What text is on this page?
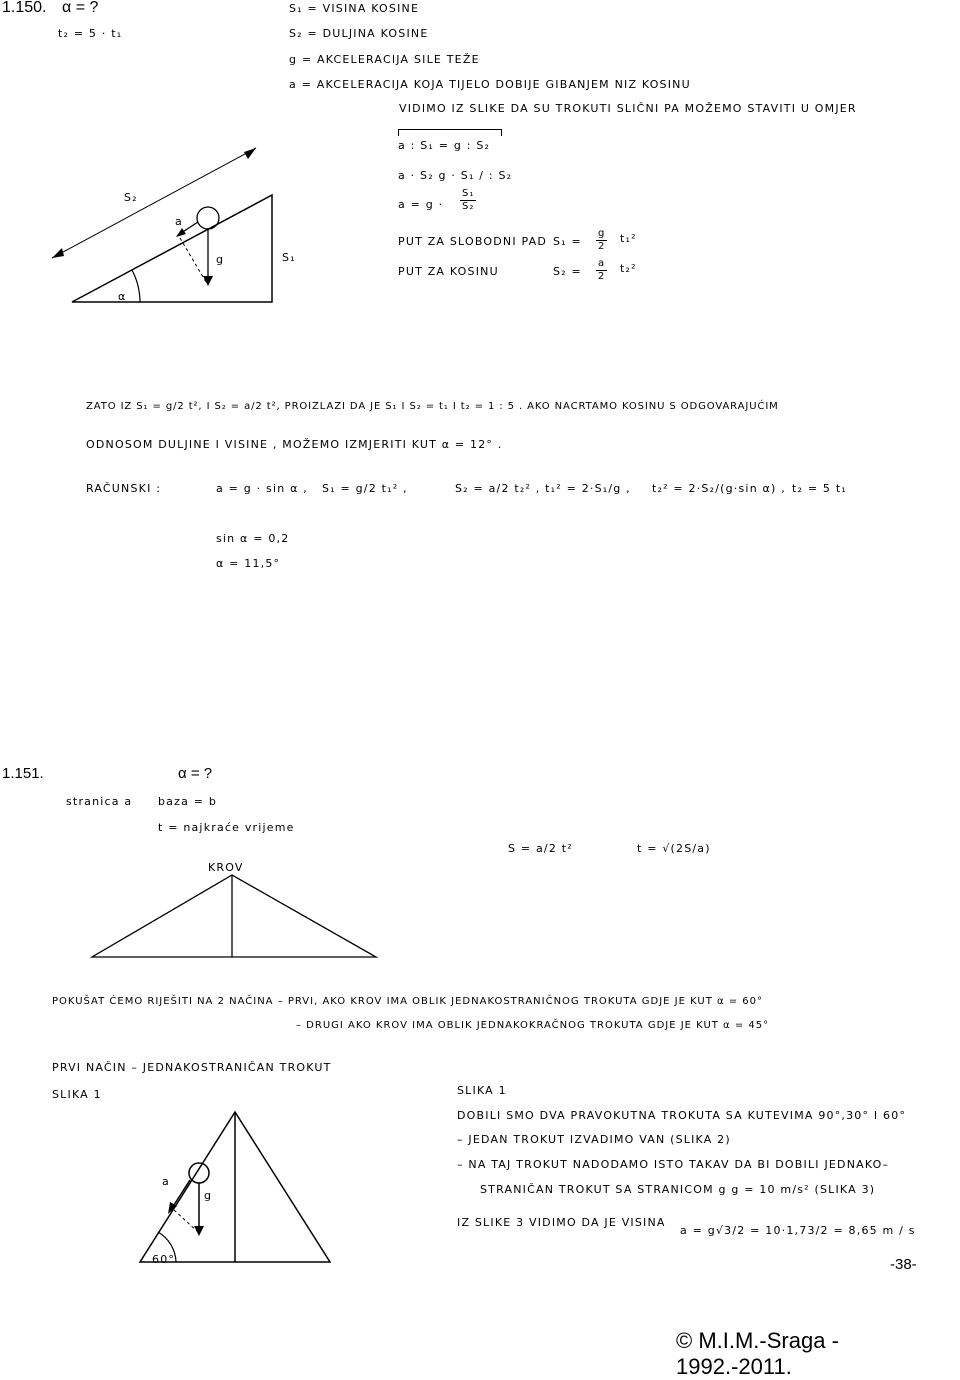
S₂
S₁
a
g
α
1.150. α = ?
t₂ = 5 · t₁
S₁ = VISINA KOSINE
S₂ = DULJINA KOSINE
g = AKCELERACIJA SILE TEŽE
a = AKCELERACIJA KOJA TIJELO DOBIJE GIBANJEM NIZ KOSINU
VIDIMO IZ SLIKE DA SU TROKUTI SLIČNI PA MOŽEMO STAVITI U OMJER
a : S₁ = g : S₂
a · S₂ g · S₁ / : S₂
$a = g \cdot \frac{\text{S₁}}{\text{S₂}}$
PUT ZA SLOBODNI PAD $S_1 = \frac{g}{2} t_1^2$
PUT ZA KOSINU	$S_2 = \frac{a}{2} t_2^2$
ZATO IZ S₁ = g/2 t², I S₂ = a/2 t², PROIZLAZI DA JE S₁ I S₂ = t₁ I t₂ = 1 : 5 . AKO NACRTAMO KOSINU S ODGOVARAJUĆIM
ODNOSOM DULJINE I VISINE , MOŽEMO IZMJERITI KUT α = 12° .
RAČUNSKI :	a = g · sin α , S₁ = g/2 t₁² ,	S₂ = a/2 t₂² , t₁² = 2·S₁/g , t₂² = 2·S₂/(g·sin α) , t₂ = 5 t₁
sin α = 0,2
α = 11,5°
1.151.	α = ?
stranica a baza = b
t = najkraće vrijeme
KROV
S = a/2 t²	t = √(2S/a)
POKUŠAT ĆEMO RIJEŠITI NA 2 NAČINA – PRVI, AKO KROV IMA OBLIK JEDNAKOSTRANIČNOG TROKUTA GDJE JE KUT α = 60°
– DRUGI AKO KROV IMA OBLIK JEDNAKOKRAČNOG TROKUTA GDJE JE KUT α = 45°
PRVI NAČIN – JEDNAKOSTRANIČAN TROKUT
SLIKA 1	SLIKA 1
DOBILI SMO DVA PRAVOKUTNA TROKUTA SA KUTEVIMA 90°,30° I 60°
– JEDAN TROKUT IZVADIMO VAN (SLIKA 2)
– NA TAJ TROKUT NADODAMO ISTO TAKAV DA BI DOBILI JEDNAKO–
STRANIČAN TROKUT SA STRANICOM g g = 10 m/s² (SLIKA 3)
IZ SLIKE 3 VIDIMO DA JE VISINA
a = g√3/2 = 10·1,73/2 = 8,65 m / s
a
g
60°	-38-
© M.I.M.-Sraga - 1992.-2011.
